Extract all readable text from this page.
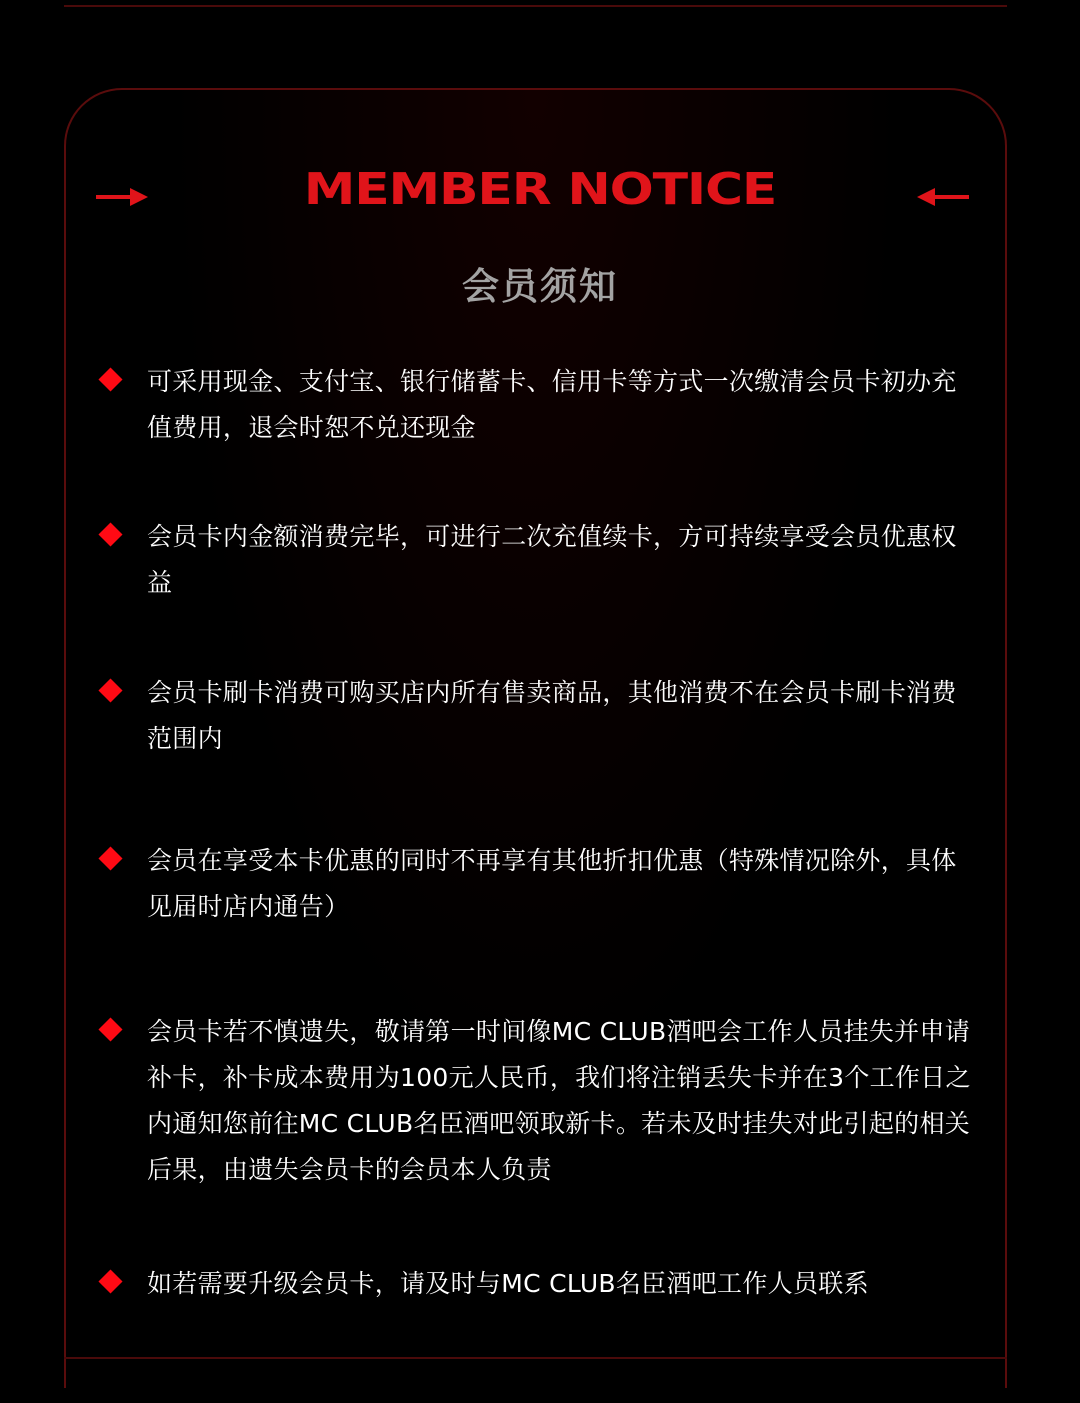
MEMBER NOTICE
会员须知
可采用现金、支付宝、银行储蓄卡、信用卡等方式一次缴清会员卡初办充值费用，退会时恕不兑还现金
会员卡内金额消费完毕，可进行二次充值续卡，方可持续享受会员优惠权益
会员卡刷卡消费可购买店内所有售卖商品，其他消费不在会员卡刷卡消费范围内
会员在享受本卡优惠的同时不再享有其他折扣优惠（特殊情况除外，具体见届时店内通告）
会员卡若不慎遗失，敬请第一时间像MC CLUB酒吧会工作人员挂失并申请补卡，补卡成本费用为100元人民币，我们将注销丢失卡并在3个工作日之内通知您前往MC CLUB名臣酒吧领取新卡。若未及时挂失对此引起的相关后果，由遗失会员卡的会员本人负责
如若需要升级会员卡，请及时与MC CLUB名臣酒吧工作人员联系
